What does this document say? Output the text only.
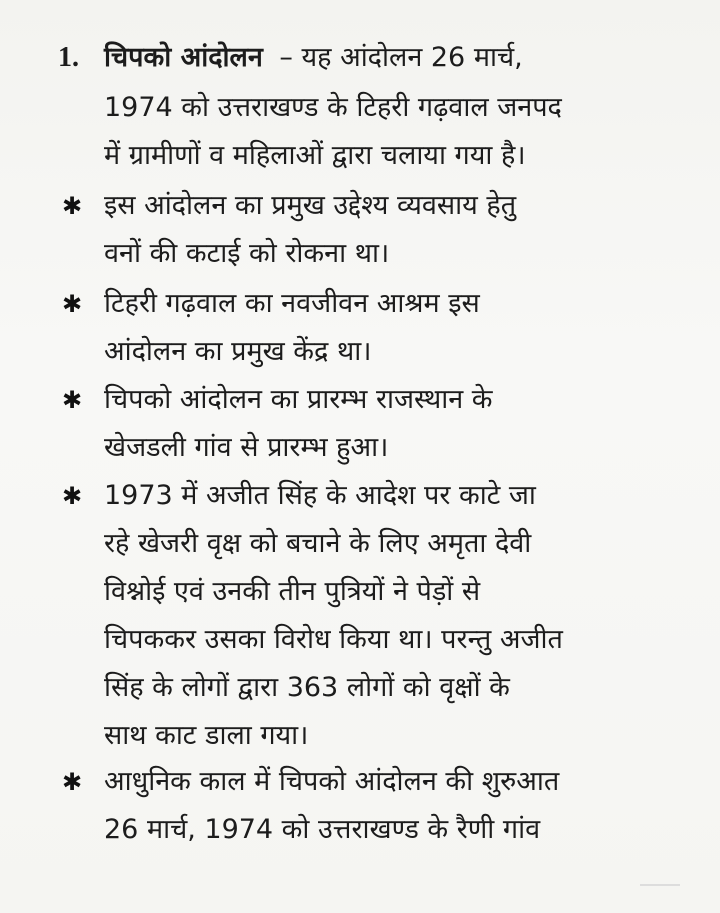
1. चिपको आंदोलन – यह आंदोलन 26 मार्च,
1974 को उत्तराखण्ड के टिहरी गढ़वाल जनपद
में ग्रामीणों व महिलाओं द्वारा चलाया गया है।
✱ इस आंदोलन का प्रमुख उद्देश्य व्यवसाय हेतु
वनों की कटाई को रोकना था।
✱ टिहरी गढ़वाल का नवजीवन आश्रम इस
आंदोलन का प्रमुख केंद्र था।
✱ चिपको आंदोलन का प्रारम्भ राजस्थान के
खेजडली गांव से प्रारम्भ हुआ।
✱ 1973 में अजीत सिंह के आदेश पर काटे जा
रहे खेजरी वृक्ष को बचाने के लिए अमृता देवी
विश्नोई एवं उनकी तीन पुत्रियों ने पेड़ों से
चिपककर उसका विरोध किया था। परन्तु अजीत
सिंह के लोगों द्वारा 363 लोगों को वृक्षों के
साथ काट डाला गया।
✱ आधुनिक काल में चिपको आंदोलन की शुरुआत
26 मार्च, 1974 को उत्तराखण्ड के रैणी गांव
